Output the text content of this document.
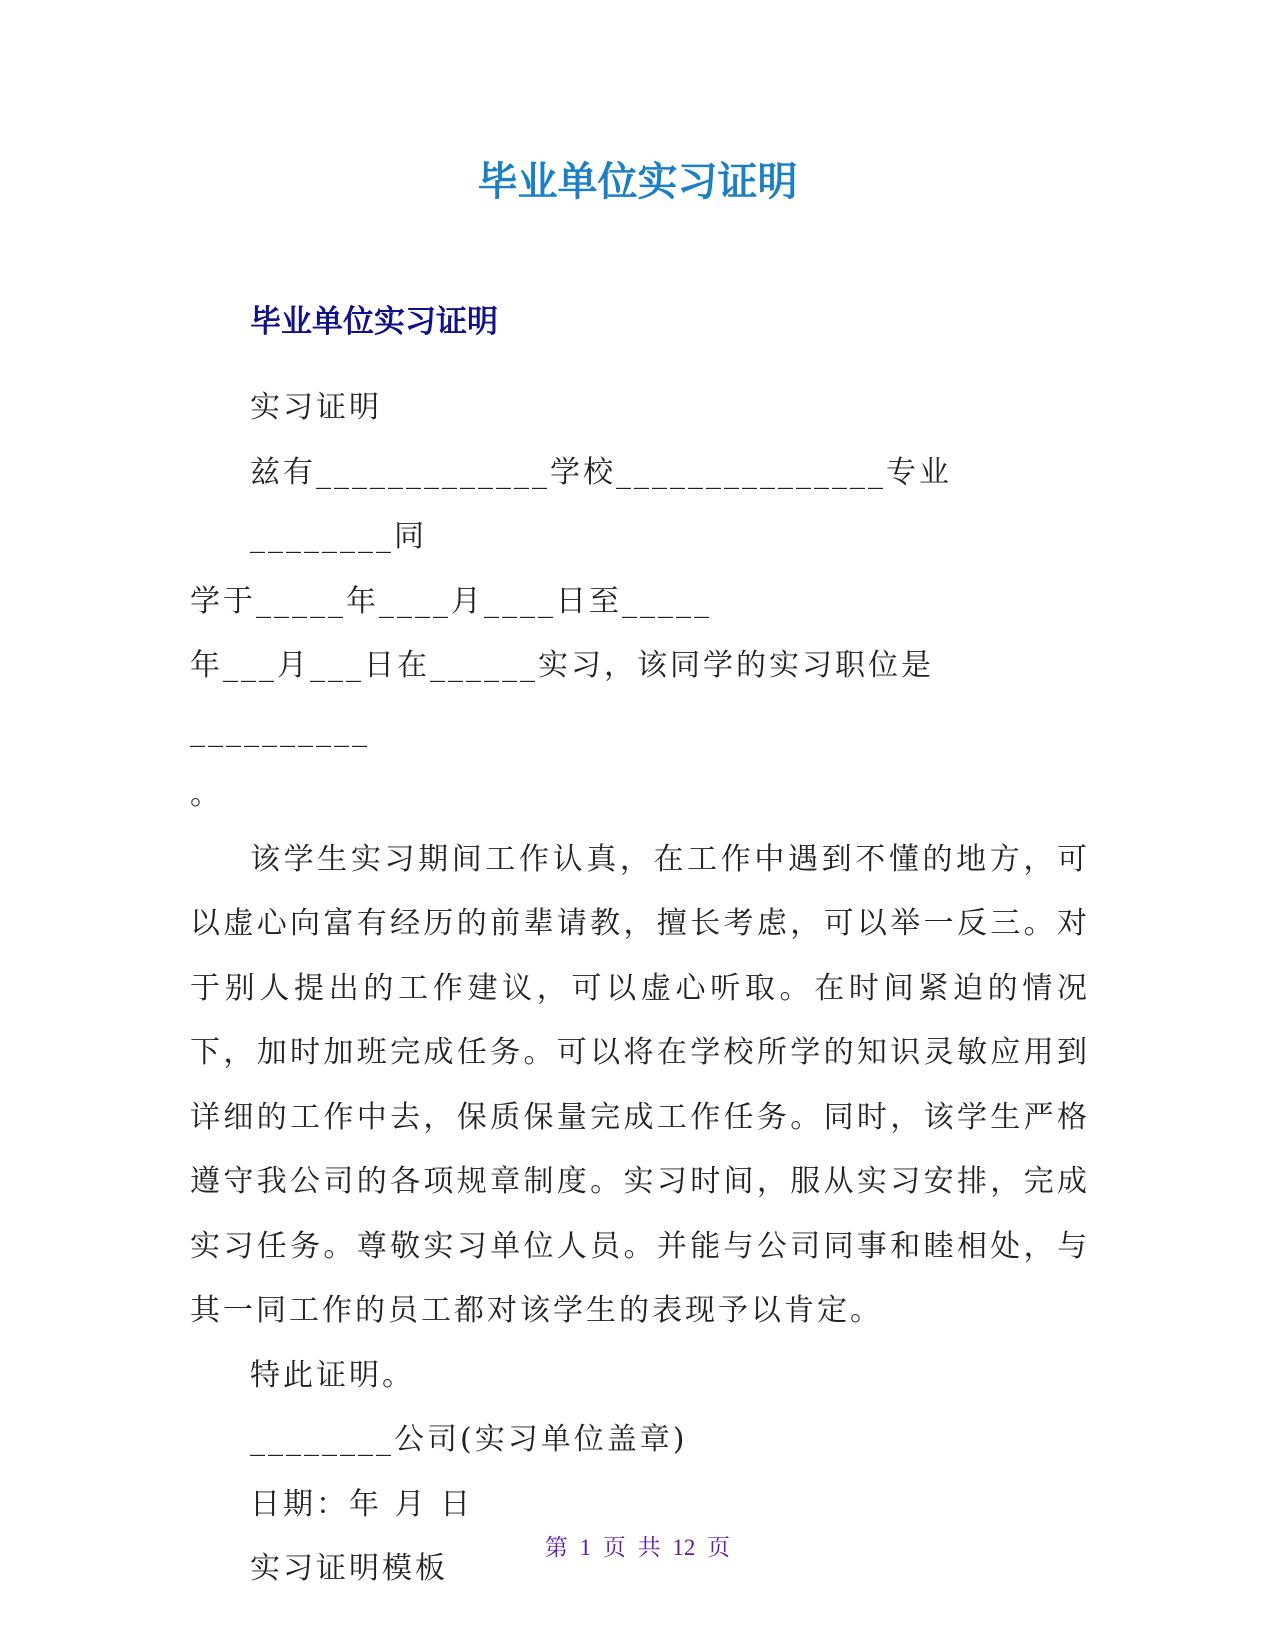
毕业单位实习证明
毕业单位实习证明

实习证明

兹有_____________学校_______________专业________同

学于_____年____月____日至_____

年___月___日在______实习，该同学的实习职位是__________

。

该学生实习期间工作认真，在工作中遇到不懂的地方，可以虚心向富有经历的前辈请教，擅长考虑，可以举一反三。对于别人提出的工作建议，可以虚心听取。在时间紧迫的情况下，加时加班完成任务。可以将在学校所学的知识灵敏应用到详细的工作中去，保质保量完成工作任务。同时，该学生严格遵守我公司的各项规章制度。实习时间，服从实习安排，完成实习任务。尊敬实习单位人员。并能与公司同事和睦相处，与其一同工作的员工都对该学生的表现予以肯定。

特此证明。

________公司(实习单位盖章)

日期：年 月 日

实习证明模板

第 1 页 共 12 页
